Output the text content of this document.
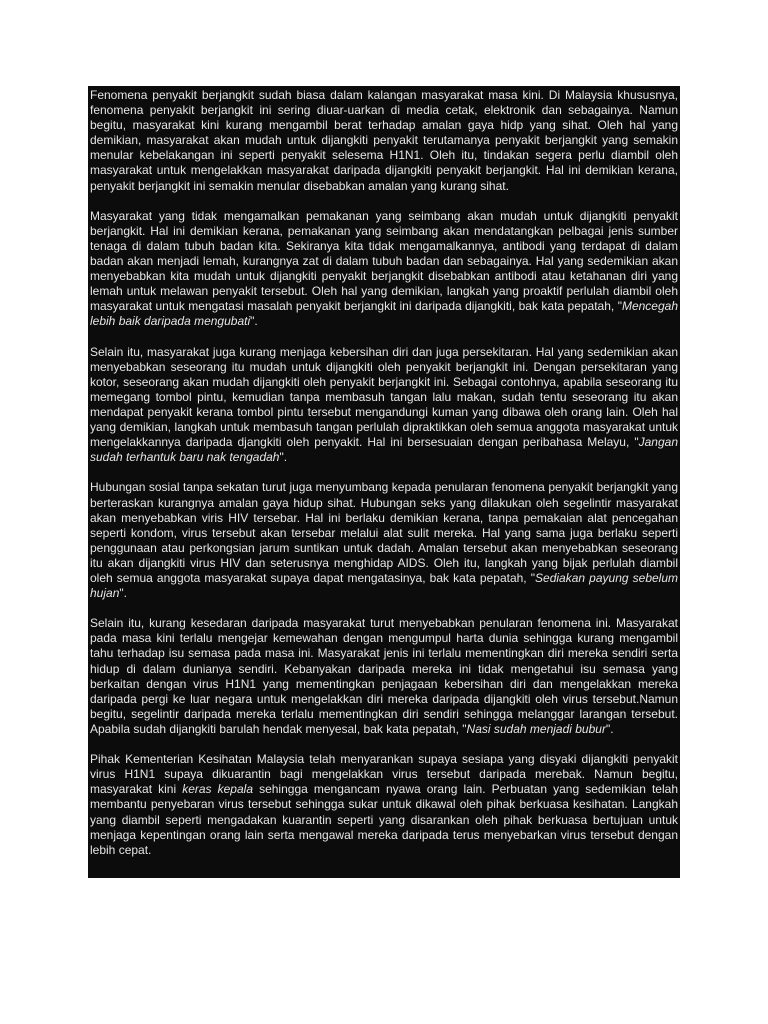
Fenomena penyakit berjangkit sudah biasa dalam kalangan masyarakat masa kini. Di Malaysia khususnya, fenomena penyakit berjangkit ini sering diuar-uarkan di media cetak, elektronik dan sebagainya. Namun begitu, masyarakat kini kurang mengambil berat terhadap amalan gaya hidp yang sihat. Oleh hal yang demikian, masyarakat akan mudah untuk dijangkiti penyakit terutamanya penyakit berjangkit yang semakin menular kebelakangan ini seperti penyakit selesema H1N1. Oleh itu, tindakan segera perlu diambil oleh masyarakat untuk mengelakkan masyarakat daripada dijangkiti penyakit berjangkit. Hal ini demikian kerana, penyakit berjangkit ini semakin menular disebabkan amalan yang kurang sihat.

Masyarakat yang tidak mengamalkan pemakanan yang seimbang akan mudah untuk dijangkiti penyakit berjangkit. Hal ini demikian kerana, pemakanan yang seimbang akan mendatangkan pelbagai jenis sumber tenaga di dalam tubuh badan kita. Sekiranya kita tidak mengamalkannya, antibodi yang terdapat di dalam badan akan menjadi lemah, kurangnya zat di dalam tubuh badan dan sebagainya. Hal yang sedemikian akan menyebabkan kita mudah untuk dijangkiti penyakit berjangkit disebabkan antibodi atau ketahanan diri yang lemah untuk melawan penyakit tersebut. Oleh hal yang demikian, langkah yang proaktif perlulah diambil oleh masyarakat untuk mengatasi masalah penyakit berjangkit ini daripada dijangkiti, bak kata pepatah, "Mencegah lebih baik daripada mengubati".

Selain itu, masyarakat juga kurang menjaga kebersihan diri dan juga persekitaran. Hal yang sedemikian akan menyebabkan seseorang itu mudah untuk dijangkiti oleh penyakit berjangkit ini. Dengan persekitaran yang kotor, seseorang akan mudah dijangkiti oleh penyakit berjangkit ini. Sebagai contohnya, apabila seseorang itu memegang tombol pintu, kemudian tanpa membasuh tangan lalu makan, sudah tentu seseorang itu akan mendapat penyakit kerana tombol pintu tersebut mengandungi kuman yang dibawa oleh orang lain. Oleh hal yang demikian, langkah untuk membasuh tangan perlulah dipraktikkan oleh semua anggota masyarakat untuk mengelakkannya daripada djangkiti oleh penyakit. Hal ini bersesuaian dengan peribahasa Melayu, "Jangan sudah terhantuk baru nak tengadah".

Hubungan sosial tanpa sekatan turut juga menyumbang kepada penularan fenomena penyakit berjangkit yang berteraskan kurangnya amalan gaya hidup sihat. Hubungan seks yang dilakukan oleh segelintir masyarakat akan menyebabkan viris HIV tersebar. Hal ini berlaku demikian kerana, tanpa pemakaian alat pencegahan seperti kondom, virus tersebut akan tersebar melalui alat sulit mereka. Hal yang sama juga berlaku seperti penggunaan atau perkongsian jarum suntikan untuk dadah. Amalan tersebut akan menyebabkan seseorang itu akan dijangkiti virus HIV dan seterusnya menghidap AIDS. Oleh itu, langkah yang bijak perlulah diambil oleh semua anggota masyarakat supaya dapat mengatasinya, bak kata pepatah, "Sediakan payung sebelum hujan".

Selain itu, kurang kesedaran daripada masyarakat turut menyebabkan penularan fenomena ini. Masyarakat pada masa kini terlalu mengejar kemewahan dengan mengumpul harta dunia sehingga kurang mengambil tahu terhadap isu semasa pada masa ini. Masyarakat jenis ini terlalu mementingkan diri mereka sendiri serta hidup di dalam dunianya sendiri. Kebanyakan daripada mereka ini tidak mengetahui isu semasa yang berkaitan dengan virus H1N1 yang mementingkan penjagaan kebersihan diri dan mengelakkan mereka daripada pergi ke luar negara untuk mengelakkan diri mereka daripada dijangkiti oleh virus tersebut.Namun begitu, segelintir daripada mereka terlalu mementingkan diri sendiri sehingga melanggar larangan tersebut. Apabila sudah dijangkiti barulah hendak menyesal, bak kata pepatah, "Nasi sudah menjadi bubur".

Pihak Kementerian Kesihatan Malaysia telah menyarankan supaya sesiapa yang disyaki dijangkiti penyakit virus H1N1 supaya dikuarantin bagi mengelakkan virus tersebut daripada merebak. Namun begitu, masyarakat kini keras kepala sehingga mengancam nyawa orang lain. Perbuatan yang sedemikian telah membantu penyebaran virus tersebut sehingga sukar untuk dikawal oleh pihak berkuasa kesihatan. Langkah yang diambil seperti mengadakan kuarantin seperti yang disarankan oleh pihak berkuasa bertujuan untuk menjaga kepentingan orang lain serta mengawal mereka daripada terus menyebarkan virus tersebut dengan lebih cepat.
